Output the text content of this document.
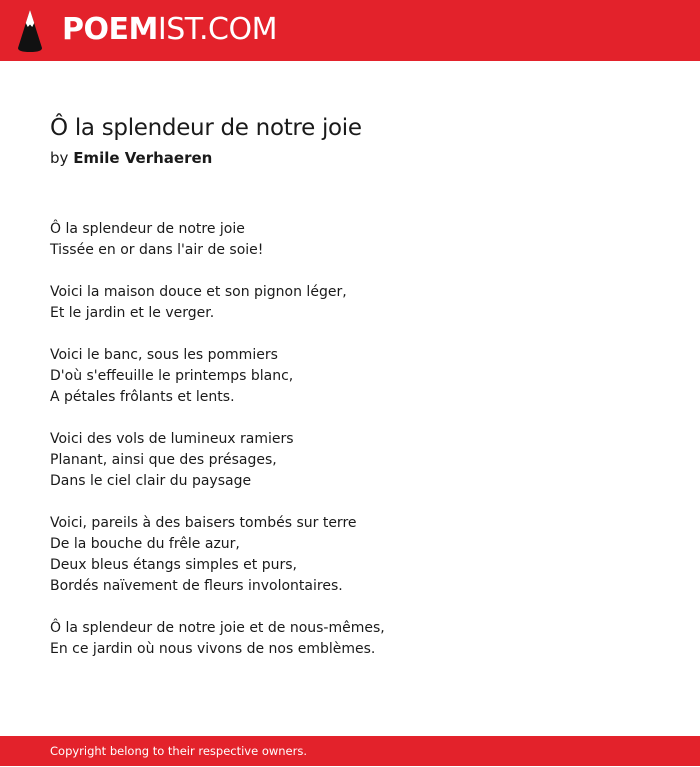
POEMIST.COM
Ô la splendeur de notre joie
by Emile Verhaeren
Ô la splendeur de notre joie
Tissée en or dans l'air de soie!
Voici la maison douce et son pignon léger,
Et le jardin et le verger.
Voici le banc, sous les pommiers
D'où s'effeuille le printemps blanc,
A pétales frôlants et lents.
Voici des vols de lumineux ramiers
Planant, ainsi que des présages,
Dans le ciel clair du paysage
Voici, pareils à des baisers tombés sur terre
De la bouche du frêle azur,
Deux bleus étangs simples et purs,
Bordés naïvement de fleurs involontaires.
Ô la splendeur de notre joie et de nous-mêmes,
En ce jardin où nous vivons de nos emblèmes.
Copyright belong to their respective owners.
